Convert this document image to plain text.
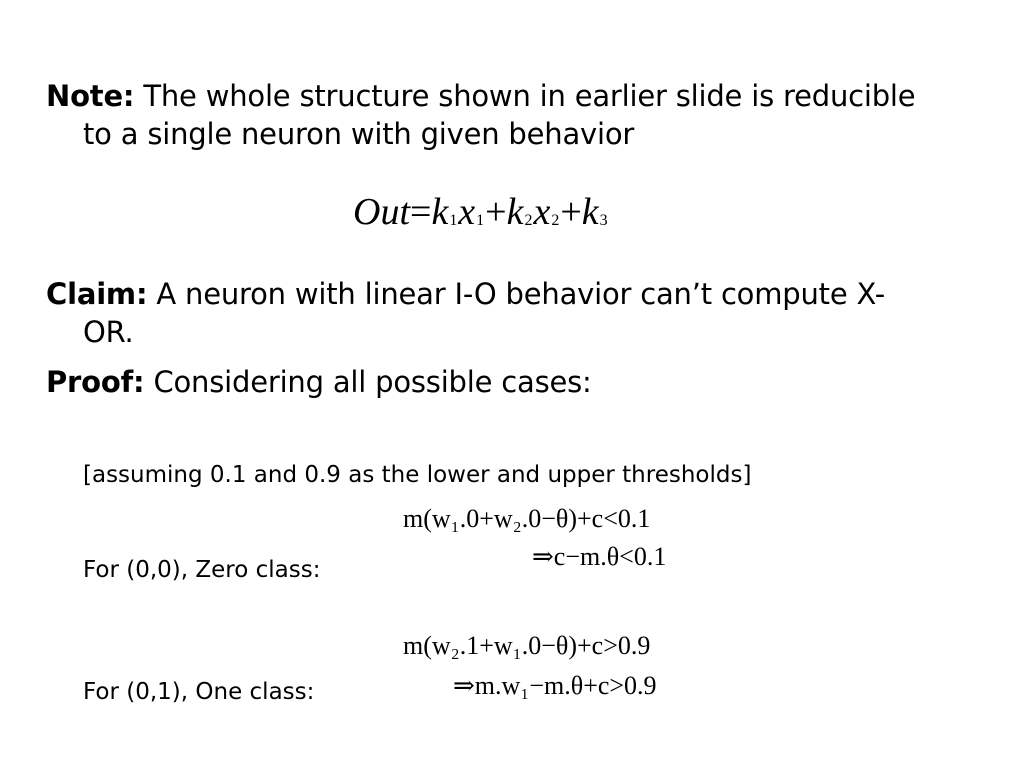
Note: The whole structure shown in earlier slide is reducible
to a single neuron with given behavior
$Out=k_1x_1+k_2x_2+k_3$
Claim: A neuron with linear I-O behavior can’t compute X-
OR.
Proof: Considering all possible cases:
[assuming 0.1 and 0.9 as the lower and upper thresholds]
m(w₁.0+w₂.0−θ)+c<0.1
⇒c−m.θ<0.1
For (0,0), Zero class:
m(w₂.1+w₁.0−θ)+c>0.9
⇒m.w₁−m.θ+c>0.9
For (0,1), One class:
